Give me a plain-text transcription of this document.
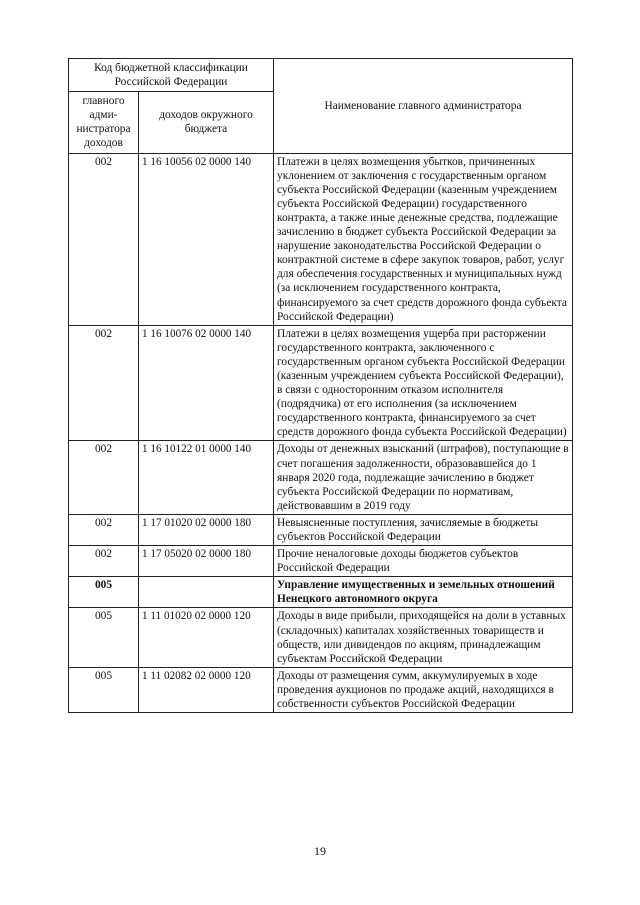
Код бюджетной классификации Российской Федерации		Наименование главного администратора
главного адми-нистратора доходов	доходов окружного бюджета	
002	1 16 10056 02 0000 140	Платежи в целях возмещения убытков, причиненных уклонением от заключения с государственным органом субъекта Российской Федерации (казенным учреждением субъекта Российской Федерации) государственного контракта, а также иные денежные средства, подлежащие зачислению в бюджет субъекта Российской Федерации за нарушение законодательства Российской Федерации о контрактной системе в сфере закупок товаров, работ, услуг для обеспечения государственных и муниципальных нужд (за исключением государственного контракта, финансируемого за счет средств дорожного фонда субъекта Российской Федерации)
002	1 16 10076 02 0000 140	Платежи в целях возмещения ущерба при расторжении государственного контракта, заключенного с государственным органом субъекта Российской Федерации (казенным учреждением субъекта Российской Федерации), в связи с односторонним отказом исполнителя (подрядчика) от его исполнения (за исключением государственного контракта, финансируемого за счет средств дорожного фонда субъекта Российской Федерации)
002	1 16 10122 01 0000 140	Доходы от денежных взысканий (штрафов), поступающие в счет погашения задолженности, образовавшейся до 1 января 2020 года, подлежащие зачислению в бюджет субъекта Российской Федерации по нормативам, действовавшим в 2019 году
002	1 17 01020 02 0000 180	Невыясненные поступления, зачисляемые в бюджеты субъектов Российской Федерации
002	1 17 05020 02 0000 180	Прочие неналоговые доходы бюджетов субъектов Российской Федерации
005		Управление имущественных и земельных отношений Ненецкого автономного округа
005	1 11 01020 02 0000 120	Доходы в виде прибыли, приходящейся на доли в уставных (складочных) капиталах хозяйственных товариществ и обществ, или дивидендов по акциям, принадлежащим субъектам Российской Федерации
005	1 11 02082 02 0000 120	Доходы от размещения сумм, аккумулируемых в ходе проведения аукционов по продаже акций, находящихся в собственности субъектов Российской Федерации
19
